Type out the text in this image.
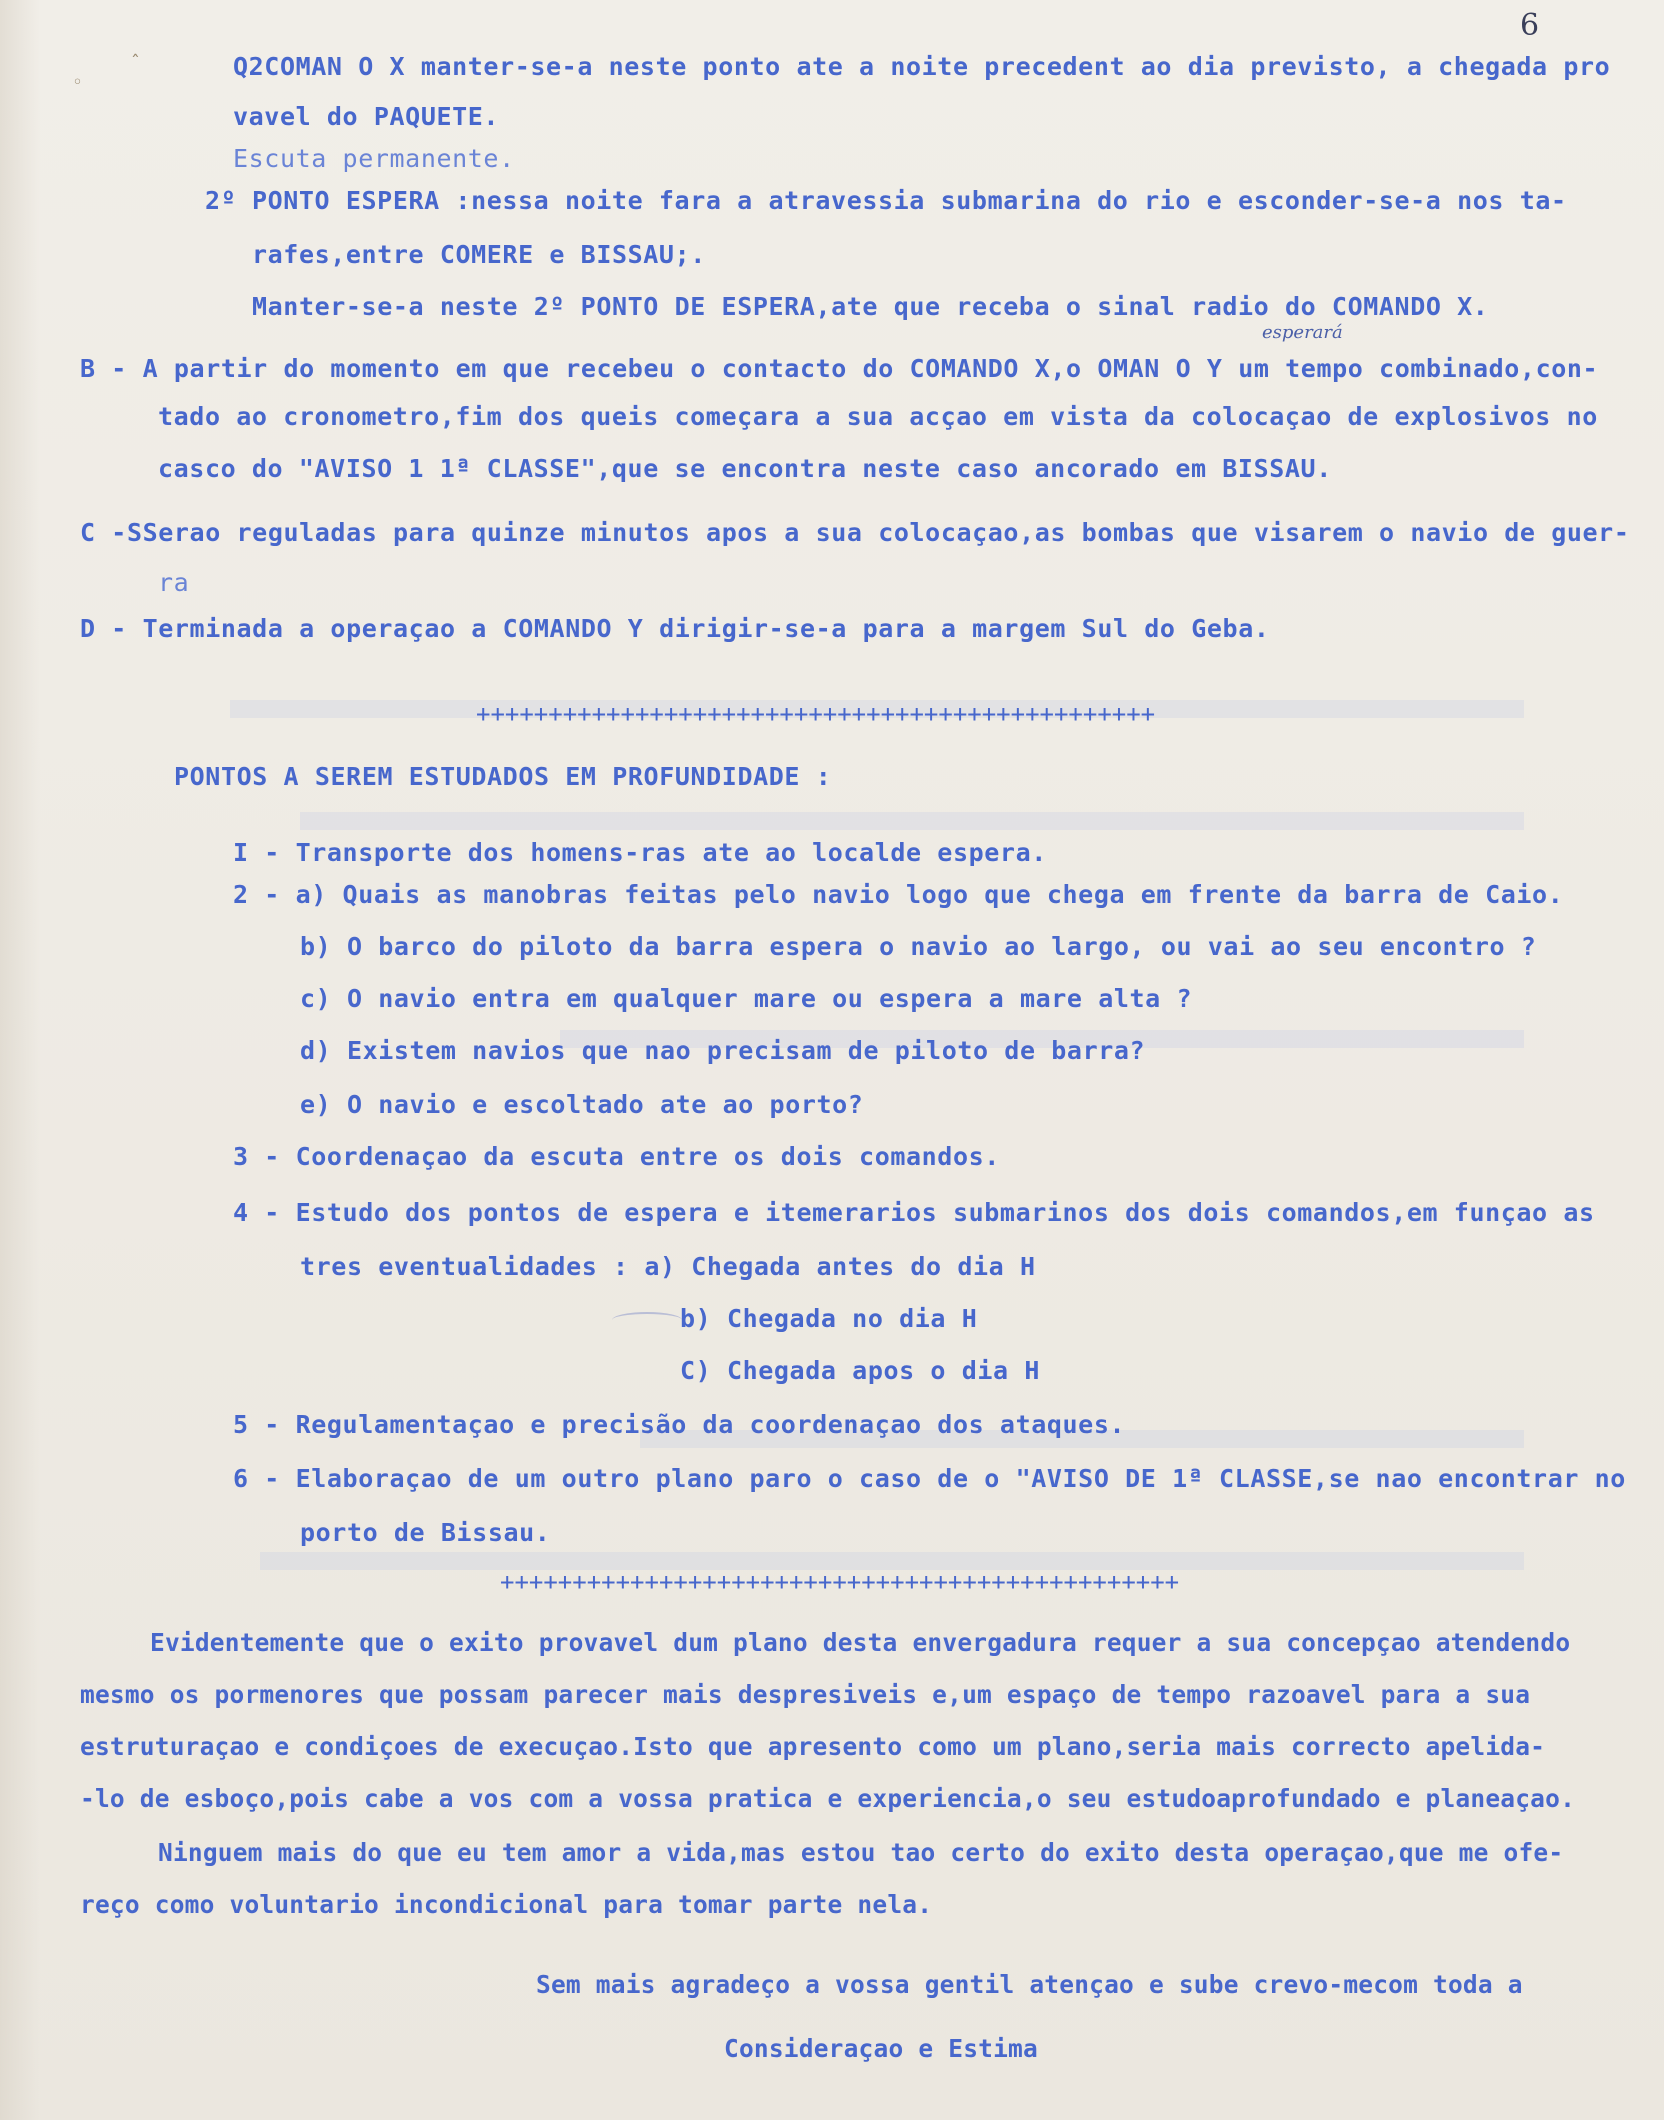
6
ˆ
◦
esperará
Q2COMAN O X manter-se-a neste ponto ate a noite precedent ao dia previsto, a chegada pro
vavel do PAQUETE.
Escuta permanente.
2º PONTO ESPERA :nessa noite fara a atravessia submarina do rio e esconder-se-a nos ta-
rafes,entre COMERE e BISSAU;.
Manter-se-a neste 2º PONTO DE ESPERA,ate que receba o sinal radio do COMANDO X.
B - A partir do momento em que recebeu o contacto do COMANDO X,o OMAN O Y um tempo combinado,con-
tado ao cronometro,fim dos queis começara a sua acçao em vista da colocaçao de explosivos no
casco do "AVISO 1 1ª CLASSE",que se encontra neste caso ancorado em BISSAU.
C -SSerao reguladas para quinze minutos apos a sua colocaçao,as bombas que visarem o navio de guer-
ra
D - Terminada a operaçao a COMANDO Y dirigir-se-a para a margem Sul do Geba.
+++++++++++++++++++++++++++++++++++++++++++++++
PONTOS A SEREM ESTUDADOS EM PROFUNDIDADE :
I - Transporte dos homens-ras ate ao localde espera.
2 - a) Quais as manobras feitas pelo navio logo que chega em frente da barra de Caio.
b) O barco do piloto da barra espera o navio ao largo, ou vai ao seu encontro ?
c) O navio entra em qualquer mare ou espera a mare alta ?
d) Existem navios que nao precisam de piloto de barra?
e) O navio e escoltado ate ao porto?
3 - Coordenaçao da escuta entre os dois comandos.
4 - Estudo dos pontos de espera e itemerarios submarinos dos dois comandos,em funçao as
tres eventualidades : a) Chegada antes do dia H
b) Chegada no dia H
C) Chegada apos o dia H
5 - Regulamentaçao e precisão da coordenaçao dos ataques.
6 - Elaboraçao de um outro plano paro o caso de o "AVISO DE 1ª CLASSE,se nao encontrar no
porto de Bissau.
+++++++++++++++++++++++++++++++++++++++++++++++
Evidentemente que o exito provavel dum plano desta envergadura requer a sua concepçao atendendo
mesmo os pormenores que possam parecer mais despresiveis e,um espaço de tempo razoavel para a sua
estruturaçao e condiçoes de execuçao.Isto que apresento como um plano,seria mais correcto apelida-
-lo de esboço,pois cabe a vos com a vossa pratica e experiencia,o seu estudoaprofundado e planeaçao.
Ninguem mais do que eu tem amor a vida,mas estou tao certo do exito desta operaçao,que me ofe-
reço como voluntario incondicional para tomar parte nela.
Sem mais agradeço a vossa gentil atençao e sube crevo-mecom toda a
Consideraçao e Estima
